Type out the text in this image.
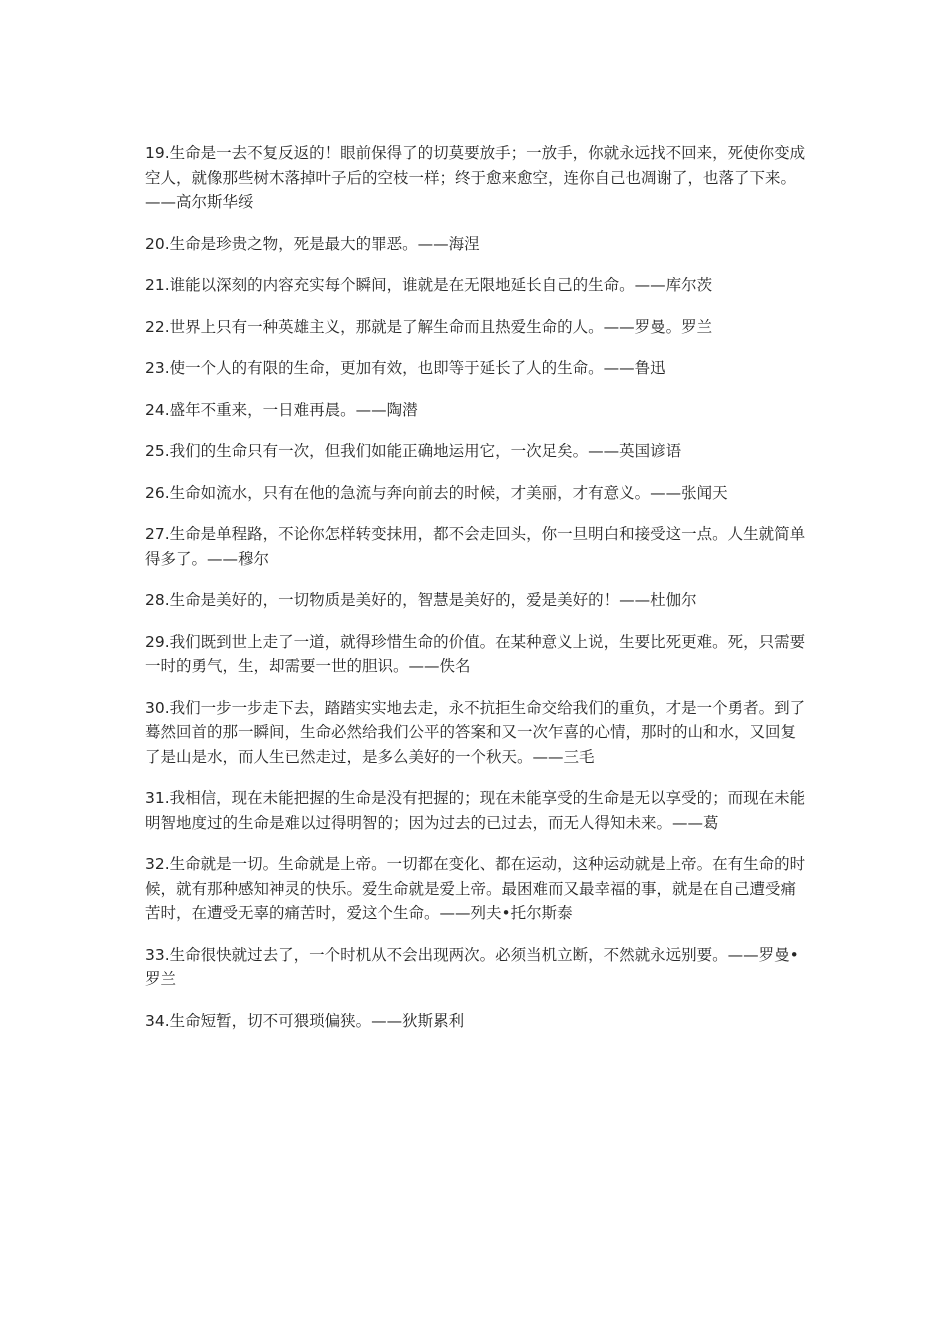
19.生命是一去不复反返的！眼前保得了的切莫要放手；一放手，你就永远找不回来，死使你变成空人，就像那些树木落掉叶子后的空枝一样；终于愈来愈空，连你自己也凋谢了，也落了下来。——高尔斯华绥

20.生命是珍贵之物，死是最大的罪恶。——海涅

21.谁能以深刻的内容充实每个瞬间，谁就是在无限地延长自己的生命。——库尔茨

22.世界上只有一种英雄主义，那就是了解生命而且热爱生命的人。——罗曼。罗兰

23.使一个人的有限的生命，更加有效，也即等于延长了人的生命。——鲁迅

24.盛年不重来，一日难再晨。——陶潜

25.我们的生命只有一次，但我们如能正确地运用它，一次足矣。——英国谚语

26.生命如流水，只有在他的急流与奔向前去的时候，才美丽，才有意义。——张闻天

27.生命是单程路，不论你怎样转变抹用，都不会走回头，你一旦明白和接受这一点。人生就简单得多了。——穆尔

28.生命是美好的，一切物质是美好的，智慧是美好的，爱是美好的！——杜伽尔

29.我们既到世上走了一道，就得珍惜生命的价值。在某种意义上说，生要比死更难。死，只需要一时的勇气，生，却需要一世的胆识。——佚名

30.我们一步一步走下去，踏踏实实地去走，永不抗拒生命交给我们的重负，才是一个勇者。到了蓦然回首的那一瞬间，生命必然给我们公平的答案和又一次乍喜的心情，那时的山和水，又回复了是山是水，而人生已然走过，是多么美好的一个秋天。——三毛

31.我相信，现在未能把握的生命是没有把握的；现在未能享受的生命是无以享受的；而现在未能明智地度过的生命是难以过得明智的；因为过去的已过去，而无人得知未来。——葛

32.生命就是一切。生命就是上帝。一切都在变化、都在运动，这种运动就是上帝。在有生命的时候，就有那种感知神灵的快乐。爱生命就是爱上帝。最困难而又最幸福的事，就是在自己遭受痛苦时，在遭受无辜的痛苦时，爱这个生命。——列夫•托尔斯泰

33.生命很快就过去了，一个时机从不会出现两次。必须当机立断，不然就永远别要。——罗曼•罗兰

34.生命短暂，切不可猥琐偏狭。——狄斯累利
